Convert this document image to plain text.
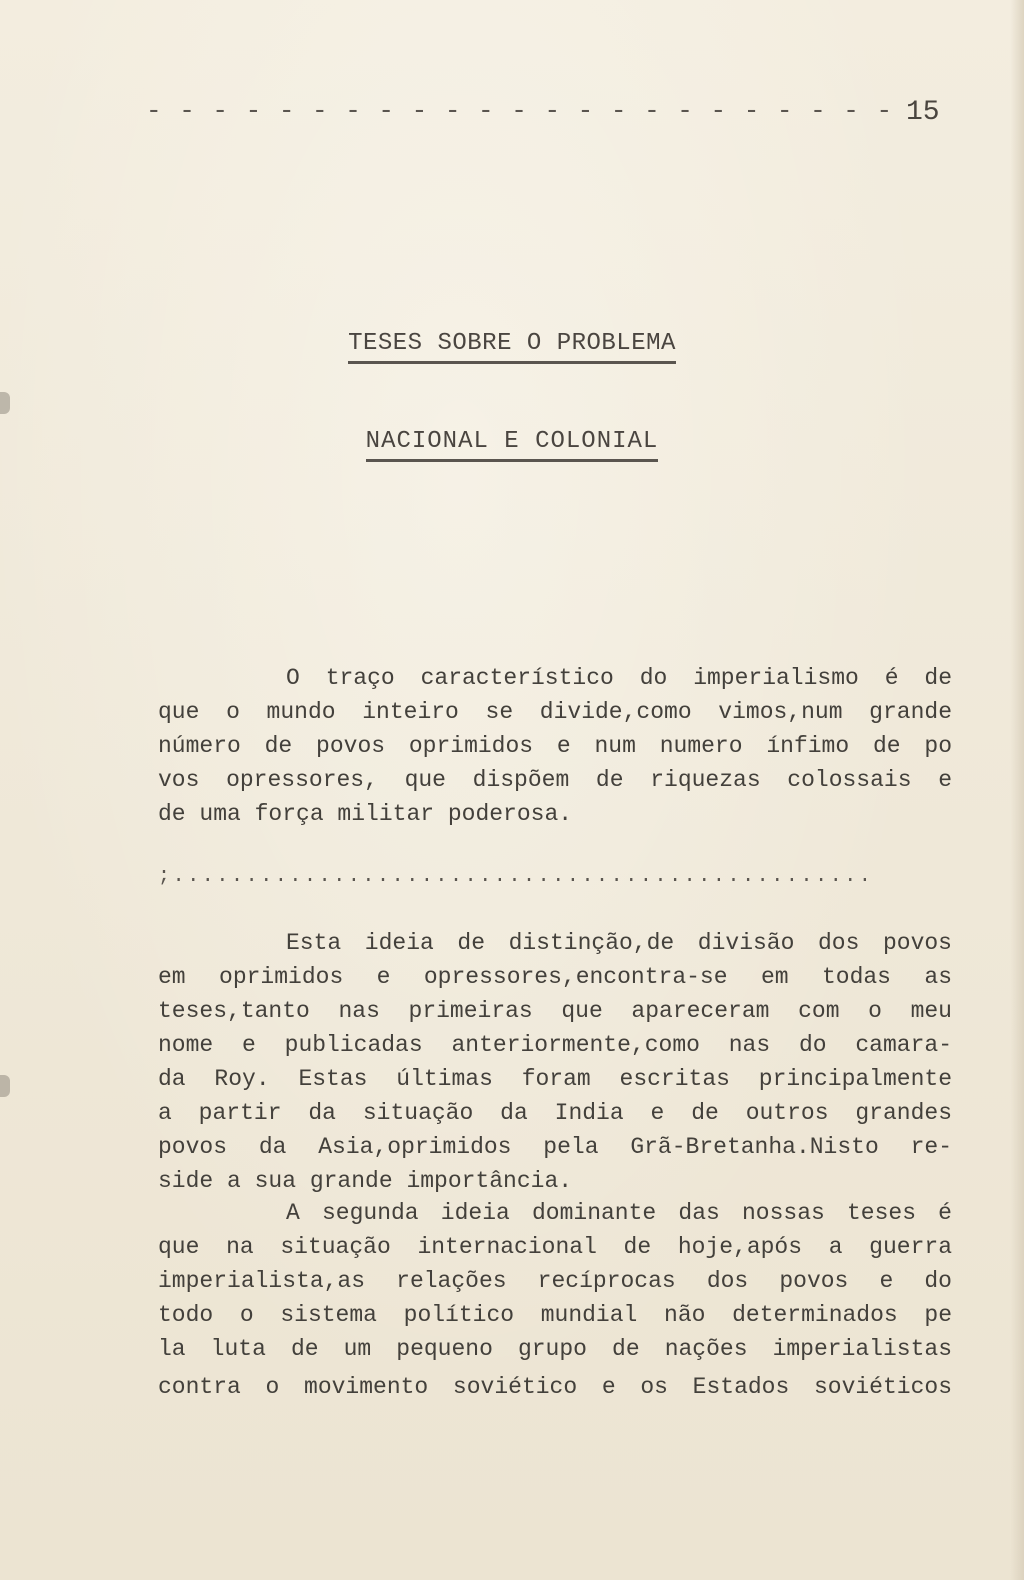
- - - - - - - - - - - - - - - - - - - - - - - 15
TESES SOBRE O PROBLEMA
NACIONAL E COLONIAL
O traço característico do imperialismo é de
que o mundo inteiro se divide,como vimos,num grande
número de povos oprimidos e num numero ínfimo de po
vos opressores, que dispõem de riquezas colossais e
de uma força militar poderosa.
;................................................
Esta ideia de distinção,de divisão dos povos
em oprimidos e opressores,encontra-se em todas as
teses,tanto nas primeiras que apareceram com o meu
nome e publicadas anteriormente,como nas do camara-
da Roy. Estas últimas foram escritas principalmente
a partir da situação da India e de outros grandes
povos da Asia,oprimidos pela Grã-Bretanha.Nisto re-
side a sua grande importância.
A segunda ideia dominante das nossas teses é
que na situação internacional de hoje,após a guerra
imperialista,as relações recíprocas dos povos e do
todo o sistema político mundial não determinados pe
la luta de um pequeno grupo de nações imperialistas
contra o movimento soviético e os Estados soviéticos
